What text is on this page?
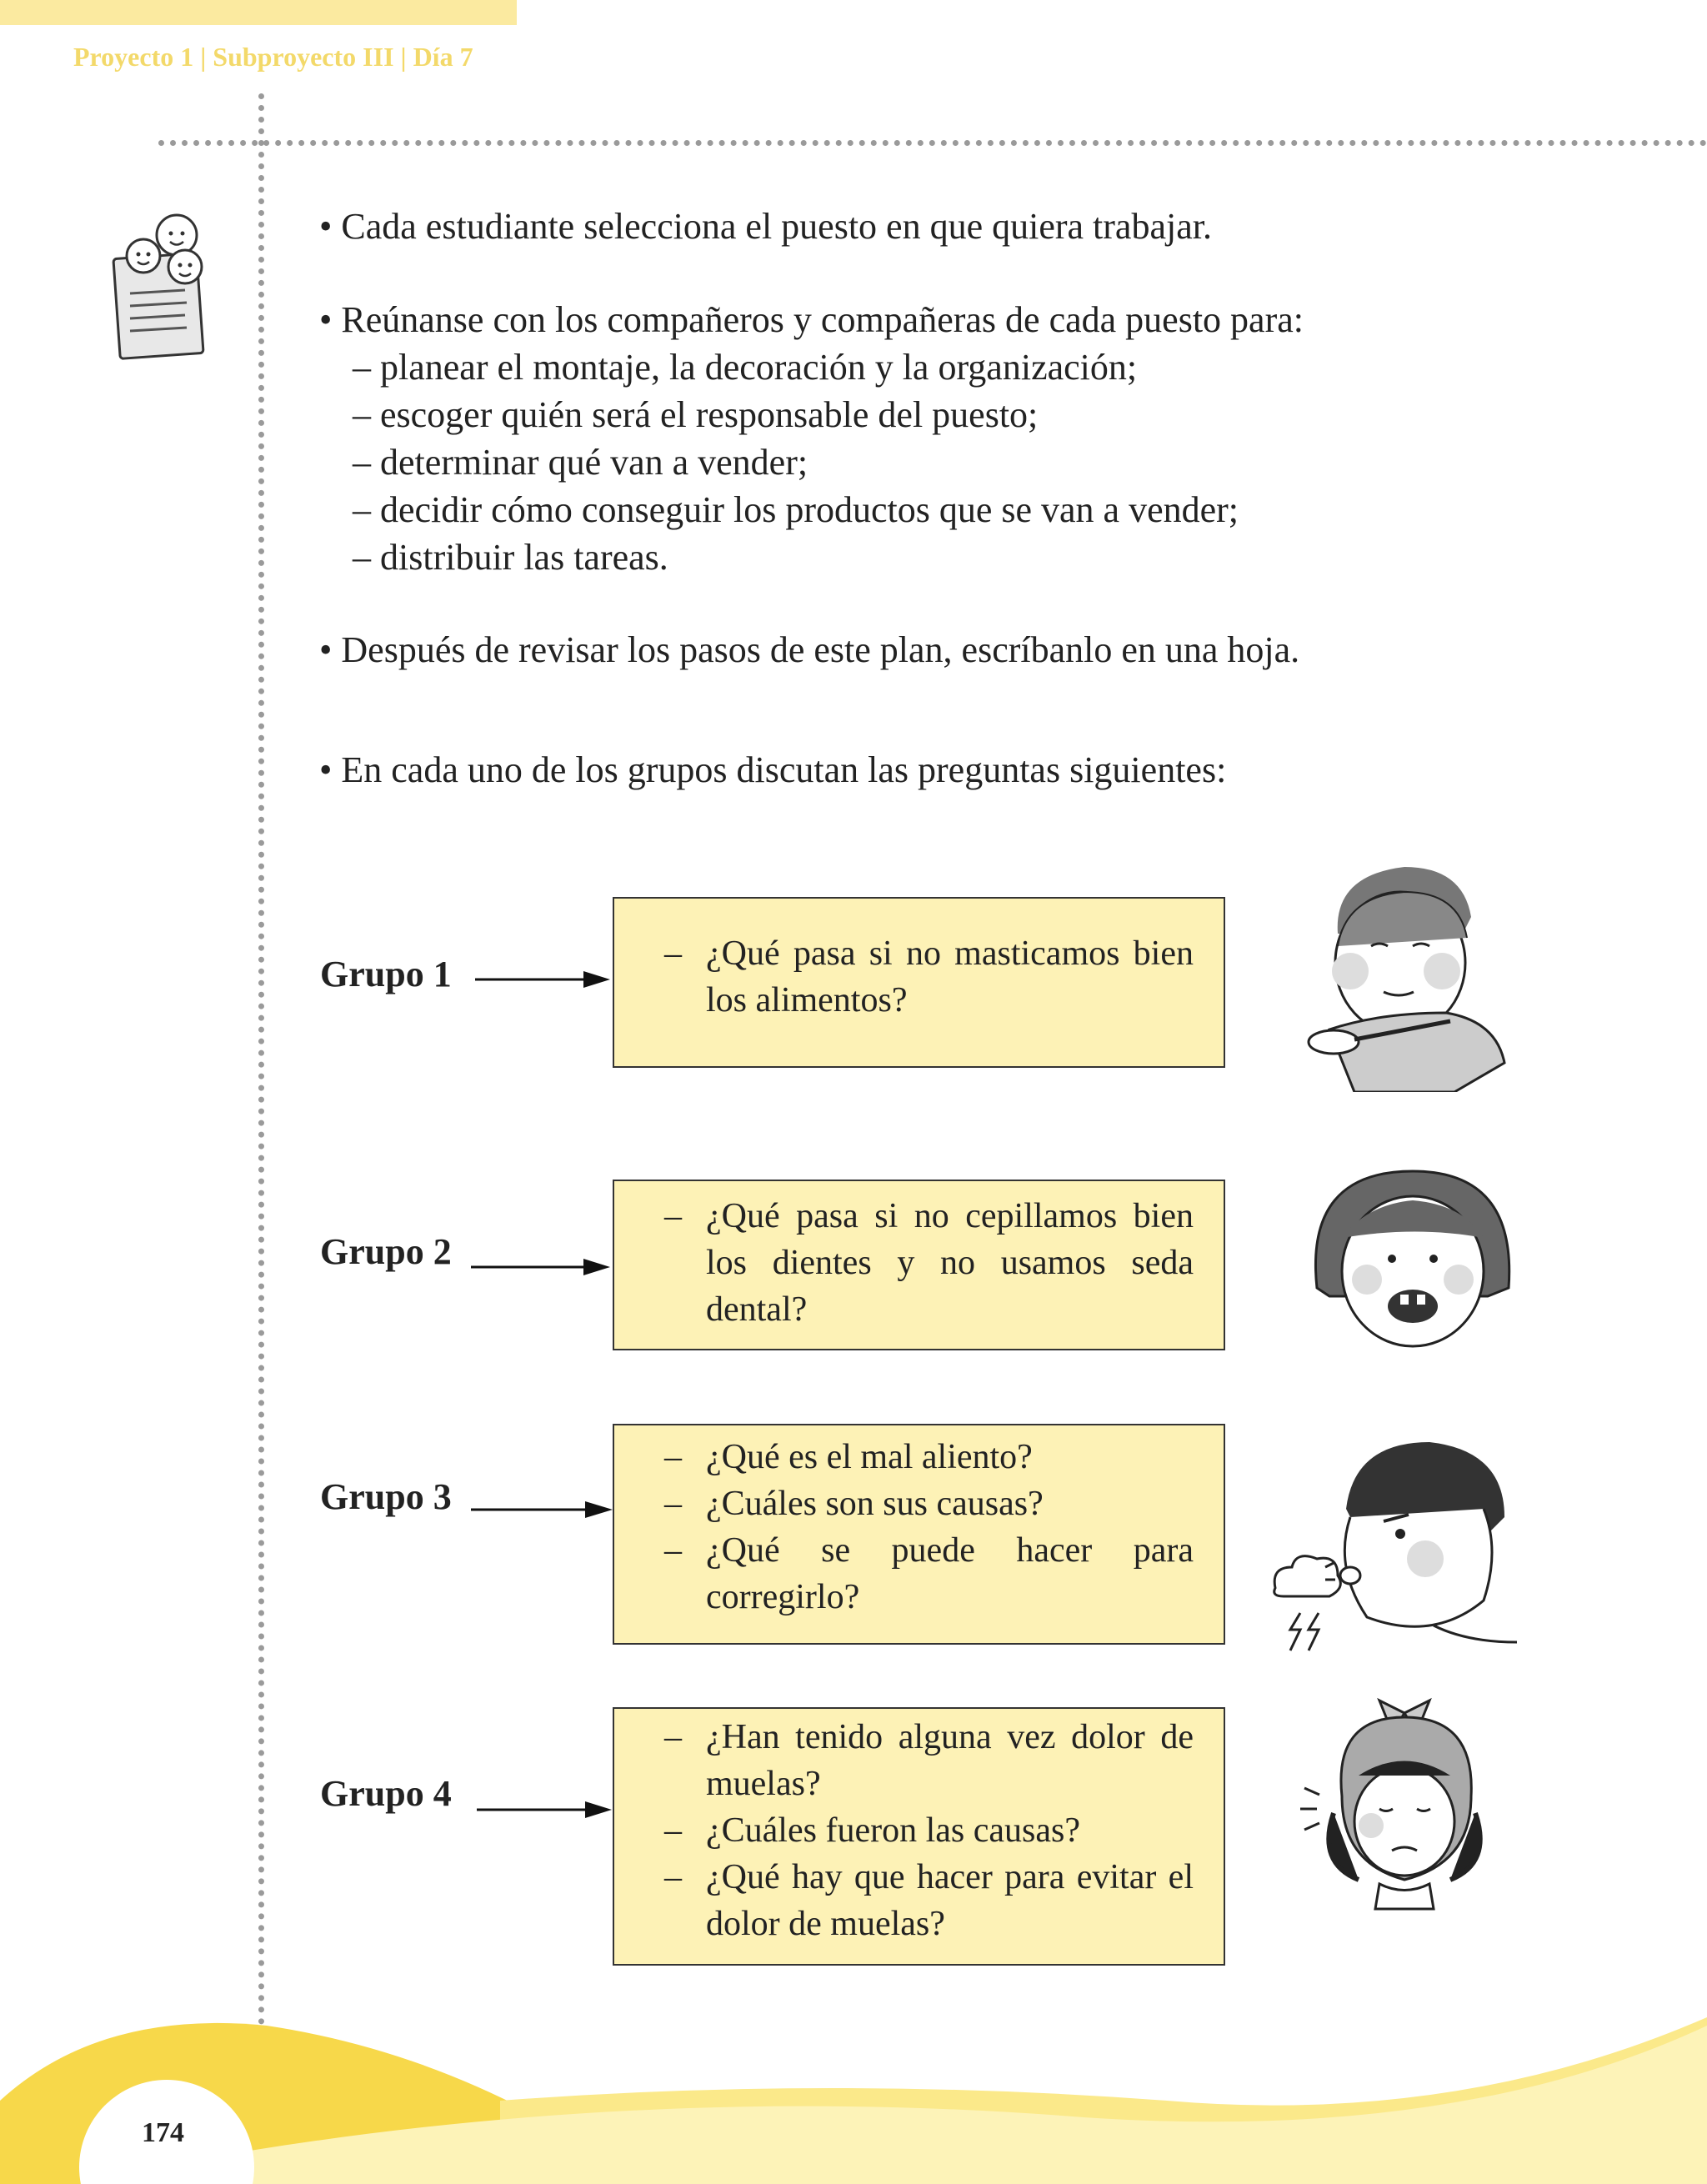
Proyecto 1 | Subproyecto III | Día 7

• Cada estudiante selecciona el puesto en que quiera trabajar.

• Reúnanse con los compañeros y compañeras de cada puesto para:
– planear el montaje, la decoración y la organización;
– escoger quién será el responsable del puesto;
– determinar qué van a vender;
– decidir cómo conseguir los productos que se van a vender;
– distribuir las tareas.

• Después de revisar los pasos de este plan, escríbanlo en una hoja.

• En cada uno de los grupos discutan las preguntas siguientes:

Grupo 1	– ¿Qué pasa si no masticamos bien los alimentos?
Grupo 2
– ¿Qué pasa si no cepillamos bien los dientes y no usamos seda dental?
Grupo 3
– ¿Qué es el mal aliento?
– ¿Cuáles son sus causas?
– ¿Qué se puede hacer para corregirlo?
Grupo 4
– ¿Han tenido alguna vez dolor de muelas?
– ¿Cuáles fueron las causas?
– ¿Qué hay que hacer para evitar el dolor de muelas?
174
